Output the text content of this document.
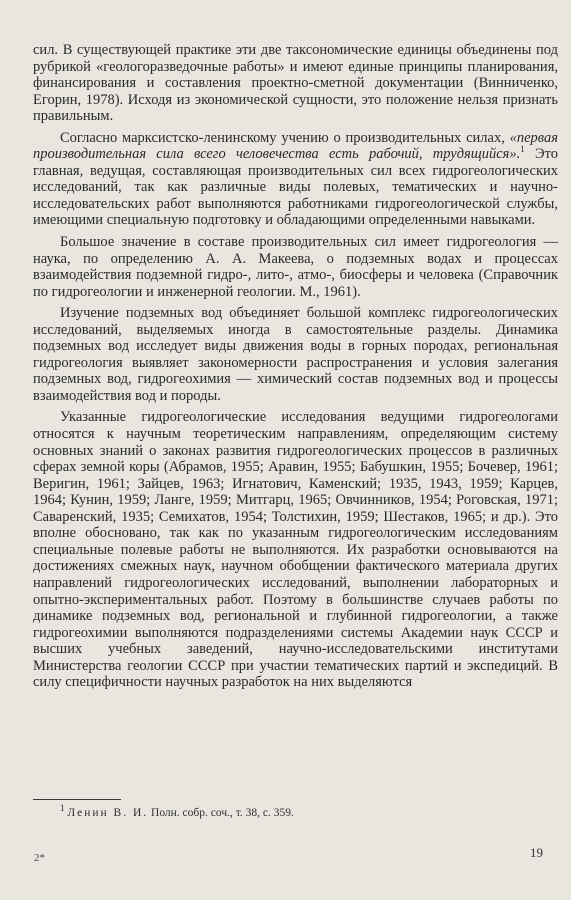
сил. В существующей практике эти две таксономические единицы объединены под рубрикой «геологоразведочные работы» и имеют единые принципы планирования, финансирования и составления проектно-сметной документации (Винниченко, Егорин, 1978). Исходя из экономической сущности, это положение нельзя признать правильным.

Согласно марксистско-ленинскому учению о производительных силах, «первая производительная сила всего человечества есть рабочий, трудящийся».$^1$ Это главная, ведущая, составляющая производительных сил всех гидрогеологических исследований, так как различные виды полевых, тематических и научно-исследовательских работ выполняются работниками гидрогеологической службы, имеющими специальную подготовку и обладающими определенными навыками.

Большое значение в составе производительных сил имеет гидрогеология — наука, по определению А. А. Макеева, о подземных водах и процессах взаимодействия подземной гидро-, лито-, атмо-, биосферы и человека (Справочник по гидрогеологии и инженерной геологии. М., 1961).

Изучение подземных вод объединяет большой комплекс гидрогеологических исследований, выделяемых иногда в самостоятельные разделы. Динамика подземных вод исследует виды движения воды в горных породах, региональная гидрогеология выявляет закономерности распространения и условия залегания подземных вод, гидрогеохимия — химический состав подземных вод и процессы взаимодействия вод и породы.

Указанные гидрогеологические исследования ведущими гидрогеологами относятся к научным теоретическим направлениям, определяющим систему основных знаний о законах развития гидрогеологических процессов в различных сферах земной коры (Абрамов, 1955; Аравин, 1955; Бабушкин, 1955; Бочевер, 1961; Веригин, 1961; Зайцев, 1963; Игнатович, Каменский; 1935, 1943, 1959; Карцев, 1964; Кунин, 1959; Ланге, 1959; Митгарц, 1965; Овчинников, 1954; Роговская, 1971; Саваренский, 1935; Семихатов, 1954; Толстихин, 1959; Шестаков, 1965; и др.). Это вполне обосновано, так как по указанным гидрогеологическим исследованиям специальные полевые работы не выполняются. Их разработки основываются на достижениях смежных наук, научном обобщении фактического материала других направлений гидрогеологических исследований, выполнении лабораторных и опытно-экспериментальных работ. Поэтому в большинстве случаев работы по динамике подземных вод, региональной и глубинной гидрогеологии, а также гидрогеохимии выполняются подразделениями системы Академии наук СССР и высших учебных заведений, научно-исследовательскими институтами Министерства геологии СССР при участии тематических партий и экспедиций. В силу специфичности научных разработок на них выделяются

$^1$ Ленин В. И. Полн. собр. соч., т. 38, с. 359.
2*	19
